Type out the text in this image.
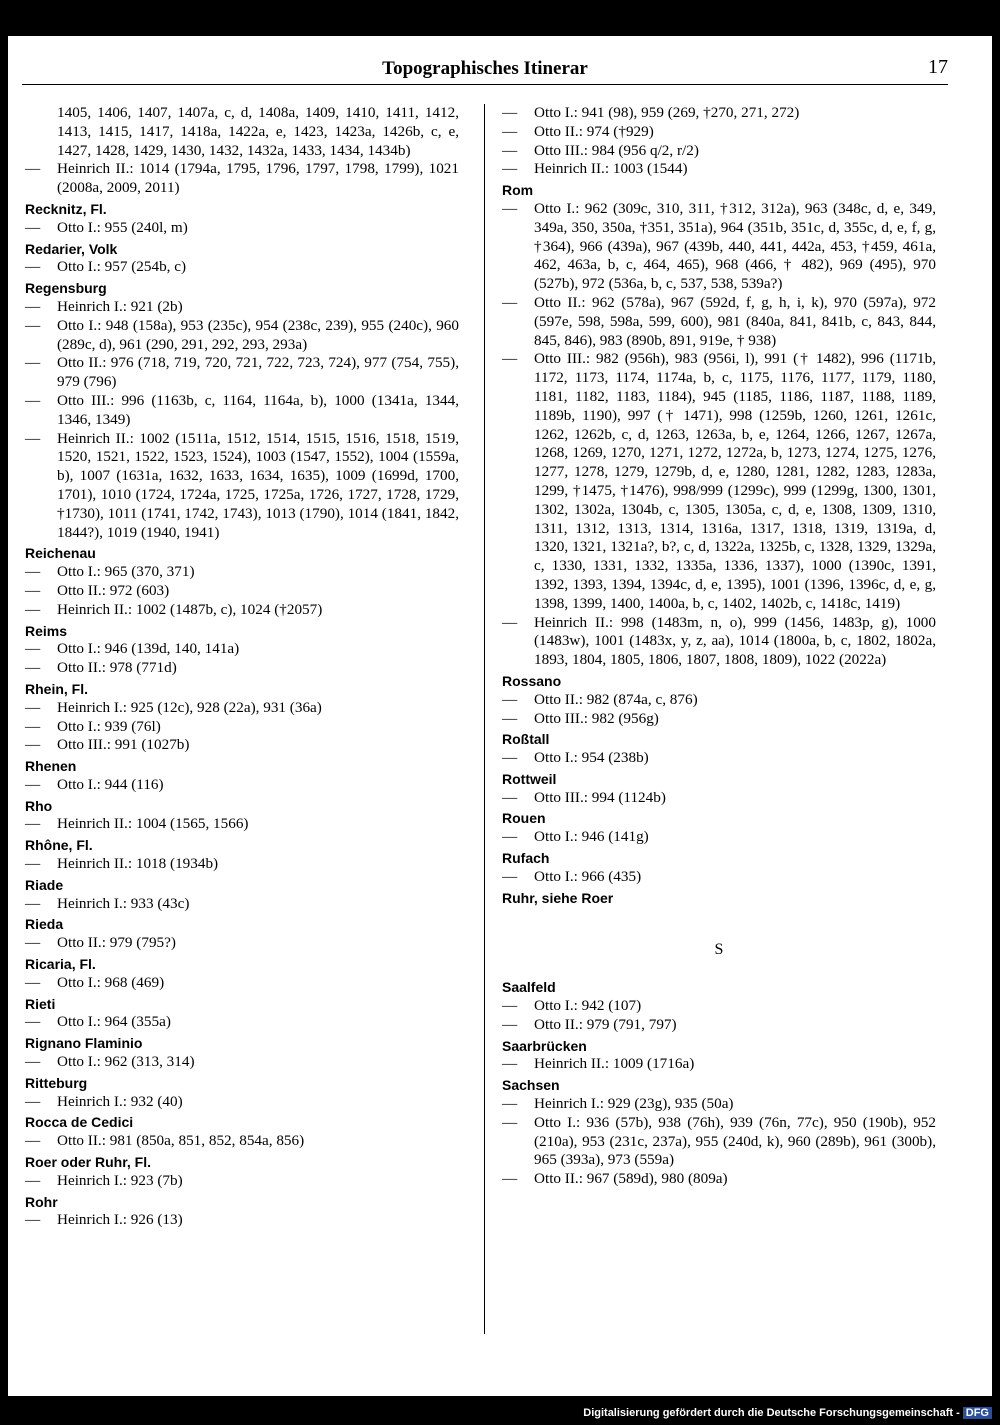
Topographisches Itinerar	17
1405, 1406, 1407, 1407a, c, d, 1408a, 1409, 1410, 1411, 1412, 1413, 1415, 1417, 1418a, 1422a, e, 1423, 1423a, 1426b, c, e, 1427, 1428, 1429, 1430, 1432, 1432a, 1433, 1434, 1434b)
— Heinrich II.: 1014 (1794a, 1795, 1796, 1797, 1798, 1799), 1021 (2008a, 2009, 2011)
Recknitz, Fl.
— Otto I.: 955 (240l, m)
Redarier, Volk
— Otto I.: 957 (254b, c)
Regensburg
— Heinrich I.: 921 (2b)
— Otto I.: 948 (158a), 953 (235c), 954 (238c, 239), 955 (240c), 960 (289c, d), 961 (290, 291, 292, 293, 293a)
— Otto II.: 976 (718, 719, 720, 721, 722, 723, 724), 977 (754, 755), 979 (796)
— Otto III.: 996 (1163b, c, 1164, 1164a, b), 1000 (1341a, 1344, 1346, 1349)
— Heinrich II.: 1002 (1511a, 1512, 1514, 1515, 1516, 1518, 1519, 1520, 1521, 1522, 1523, 1524), 1003 (1547, 1552), 1004 (1559a, b), 1007 (1631a, 1632, 1633, 1634, 1635), 1009 (1699d, 1700, 1701), 1010 (1724, 1724a, 1725, 1725a, 1726, 1727, 1728, 1729, †1730), 1011 (1741, 1742, 1743), 1013 (1790), 1014 (1841, 1842, 1844?), 1019 (1940, 1941)
Reichenau
— Otto I.: 965 (370, 371)
— Otto II.: 972 (603)
— Heinrich II.: 1002 (1487b, c), 1024 (†2057)
Reims
— Otto I.: 946 (139d, 140, 141a)
— Otto II.: 978 (771d)
Rhein, Fl.
— Heinrich I.: 925 (12c), 928 (22a), 931 (36a)
— Otto I.: 939 (76l)
— Otto III.: 991 (1027b)
Rhenen
— Otto I.: 944 (116)
Rho
— Heinrich II.: 1004 (1565, 1566)
Rhône, Fl.
— Heinrich II.: 1018 (1934b)
Riade
— Heinrich I.: 933 (43c)
Rieda
— Otto II.: 979 (795?)
Ricaria, Fl.
— Otto I.: 968 (469)
Rieti
— Otto I.: 964 (355a)
Rignano Flaminio
— Otto I.: 962 (313, 314)
Ritteburg
— Heinrich I.: 932 (40)
Rocca de Cedici
— Otto II.: 981 (850a, 851, 852, 854a, 856)
Roer oder Ruhr, Fl.
— Heinrich I.: 923 (7b)
Rohr
— Heinrich I.: 926 (13)
— Otto I.: 941 (98), 959 (269, †270, 271, 272)
— Otto II.: 974 (†929)
— Otto III.: 984 (956 q/2, r/2)
— Heinrich II.: 1003 (1544)
Rom
— Otto I.: 962 (309c, 310, 311, †312, 312a), 963 (348c, d, e, 349, 349a, 350, 350a, †351, 351a), 964 (351b, 351c, d, 355c, d, e, f, g, †364), 966 (439a), 967 (439b, 440, 441, 442a, 453, †459, 461a, 462, 463a, b, c, 464, 465), 968 (466, † 482), 969 (495), 970 (527b), 972 (536a, b, c, 537, 538, 539a?)
— Otto II.: 962 (578a), 967 (592d, f, g, h, i, k), 970 (597a), 972 (597e, 598, 598a, 599, 600), 981 (840a, 841, 841b, c, 843, 844, 845, 846), 983 (890b, 891, 919e, † 938)
— Otto III.: 982 (956h), 983 (956i, l), 991 († 1482), 996 (1171b, 1172, 1173, 1174, 1174a, b, c, 1175, 1176, 1177, 1179, 1180, 1181, 1182, 1183, 1184), 945 (1185, 1186, 1187, 1188, 1189, 1189b, 1190), 997 († 1471), 998 (1259b, 1260, 1261, 1261c, 1262, 1262b, c, d, 1263, 1263a, b, e, 1264, 1266, 1267, 1267a, 1268, 1269, 1270, 1271, 1272, 1272a, b, 1273, 1274, 1275, 1276, 1277, 1278, 1279, 1279b, d, e, 1280, 1281, 1282, 1283, 1283a, 1299, †1475, †1476), 998/999 (1299c), 999 (1299g, 1300, 1301, 1302, 1302a, 1304b, c, 1305, 1305a, c, d, e, 1308, 1309, 1310, 1311, 1312, 1313, 1314, 1316a, 1317, 1318, 1319, 1319a, d, 1320, 1321, 1321a?, b?, c, d, 1322a, 1325b, c, 1328, 1329, 1329a, c, 1330, 1331, 1332, 1335a, 1336, 1337), 1000 (1390c, 1391, 1392, 1393, 1394, 1394c, d, e, 1395), 1001 (1396, 1396c, d, e, g, 1398, 1399, 1400, 1400a, b, c, 1402, 1402b, c, 1418c, 1419)
— Heinrich II.: 998 (1483m, n, o), 999 (1456, 1483p, g), 1000 (1483w), 1001 (1483x, y, z, aa), 1014 (1800a, b, c, 1802, 1802a, 1893, 1804, 1805, 1806, 1807, 1808, 1809), 1022 (2022a)
Rossano
— Otto II.: 982 (874a, c, 876)
— Otto III.: 982 (956g)
Roßtall
— Otto I.: 954 (238b)
Rottweil
— Otto III.: 994 (1124b)
Rouen
— Otto I.: 946 (141g)
Rufach
— Otto I.: 966 (435)
Ruhr, siehe Roer
S
Saalfeld
— Otto I.: 942 (107)
— Otto II.: 979 (791, 797)
Saarbrücken
— Heinrich II.: 1009 (1716a)
Sachsen
— Heinrich I.: 929 (23g), 935 (50a)
— Otto I.: 936 (57b), 938 (76h), 939 (76n, 77c), 950 (190b), 952 (210a), 953 (231c, 237a), 955 (240d, k), 960 (289b), 961 (300b), 965 (393a), 973 (559a)
— Otto II.: 967 (589d), 980 (809a)
Digitalisierung gefördert durch die Deutsche Forschungsgemeinschaft - DFG
